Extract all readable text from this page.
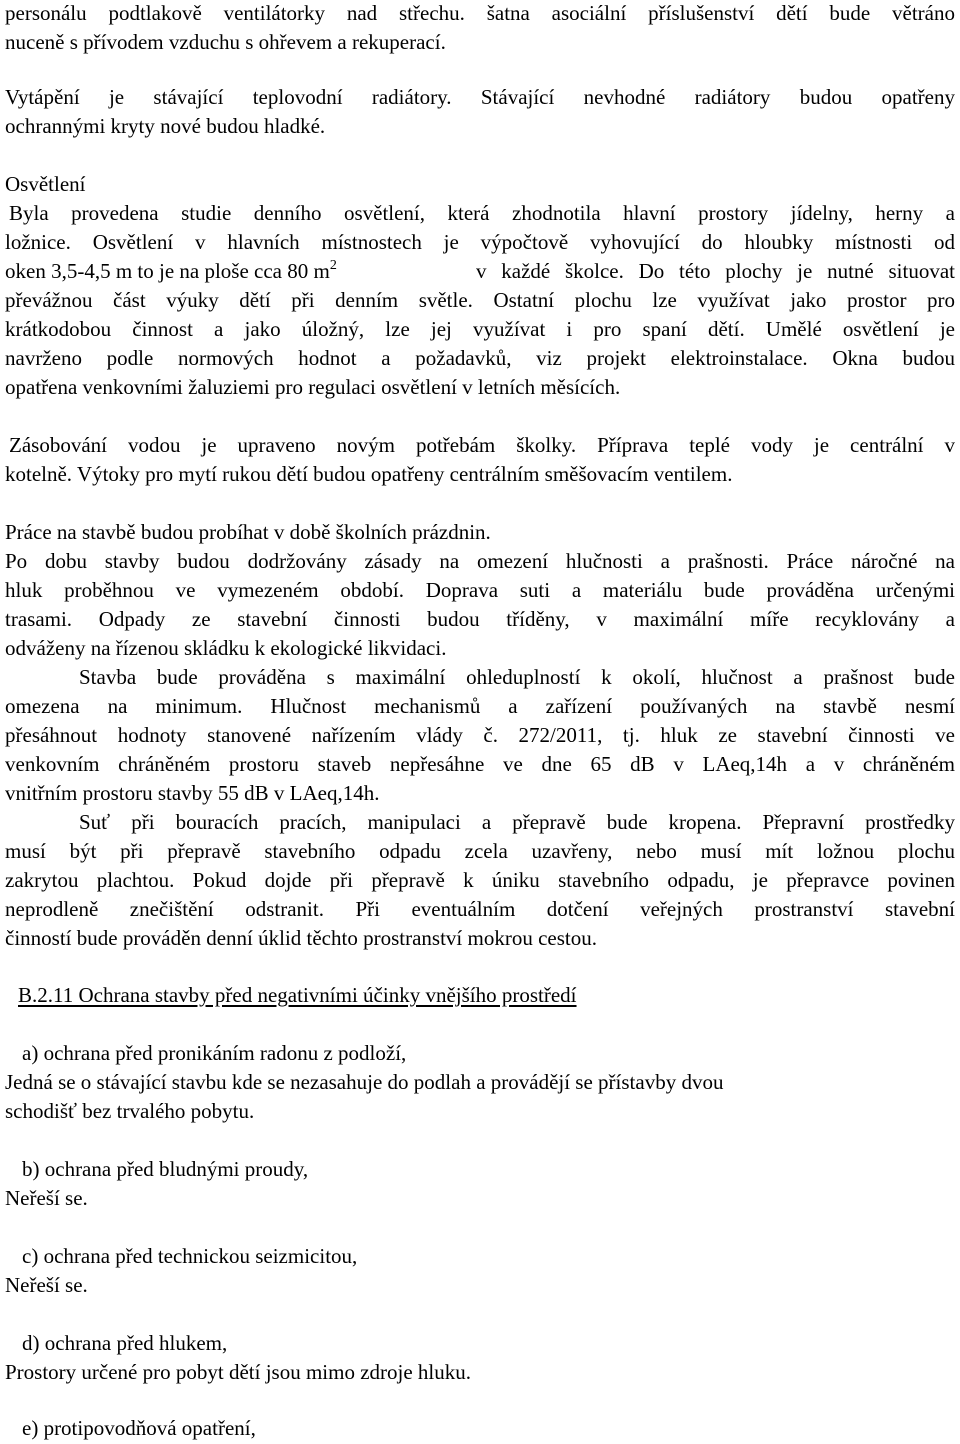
personálu podtlakově ventilátorky nad střechu. šatna asociální příslušenství dětí bude větráno
nuceně s přívodem vzduchu s ohřevem a rekuperací.
Vytápění je stávající teplovodní radiátory. Stávající nevhodné radiátory budou opatřeny
ochrannými kryty nové budou hladké.
Osvětlení
Byla provedena studie denního osvětlení, která zhodnotila hlavní prostory jídelny, herny a
ložnice. Osvětlení v hlavních místnostech je výpočtově vyhovující do hloubky místnosti od
oken 3,5-4,5 m to je na ploše cca 80 $m^2$	v každé školce. Do této plochy je nutné situovat
převážnou část výuky dětí při denním světle. Ostatní plochu lze využívat jako prostor pro
krátkodobou činnost a jako úložný, lze jej využívat i pro spaní dětí. Umělé osvětlení je
navrženo podle normových hodnot a požadavků, viz projekt elektroinstalace. Okna budou
opatřena venkovními žaluziemi pro regulaci osvětlení v letních měsících.
Zásobování vodou je upraveno novým potřebám školky. Příprava teplé vody je centrální v
kotelně. Výtoky pro mytí rukou dětí budou opatřeny centrálním směšovacím ventilem.
Práce na stavbě budou probíhat v době školních prázdnin.
Po dobu stavby budou dodržovány zásady na omezení hlučnosti a prašnosti. Práce náročné na
hluk proběhnou ve vymezeném období. Doprava suti a materiálu bude prováděna určenými
trasami. Odpady ze stavební činnosti budou tříděny, v maximální míře recyklovány a
odváženy na řízenou skládku k ekologické likvidaci.
Stavba bude prováděna s maximální ohleduplností k okolí, hlučnost a prašnost bude
omezena na minimum. Hlučnost mechanismů a zařízení používaných na stavbě nesmí
přesáhnout hodnoty stanovené nařízením vlády č. 272/2011, tj. hluk ze stavební činnosti ve
venkovním chráněném prostoru staveb nepřesáhne ve dne 65 dB v LAeq,14h a v chráněném
vnitřním prostoru stavby 55 dB v LAeq,14h.
Suť při bouracích pracích, manipulaci a přepravě bude kropena. Přepravní prostředky
musí být při přepravě stavebního odpadu zcela uzavřeny, nebo musí mít ložnou plochu
zakrytou plachtou. Pokud dojde při přepravě k úniku stavebního odpadu, je přepravce povinen
neprodleně znečištění odstranit. Při eventuálním dotčení veřejných prostranství stavební
činností bude prováděn denní úklid těchto prostranství mokrou cestou.
B.2.11 Ochrana stavby před negativními účinky vnějšího prostředí
a) ochrana před pronikáním radonu z podloží,
Jedná se o stávající stavbu kde se nezasahuje do podlah a provádějí se přístavby dvou
schodišť bez trvalého pobytu.
b) ochrana před bludnými proudy,
Neřeší se.
c) ochrana před technickou seizmicitou,
Neřeší se.
d) ochrana před hlukem,
Prostory určené pro pobyt dětí jsou mimo zdroje hluku.
e) protipovodňová opatření,
